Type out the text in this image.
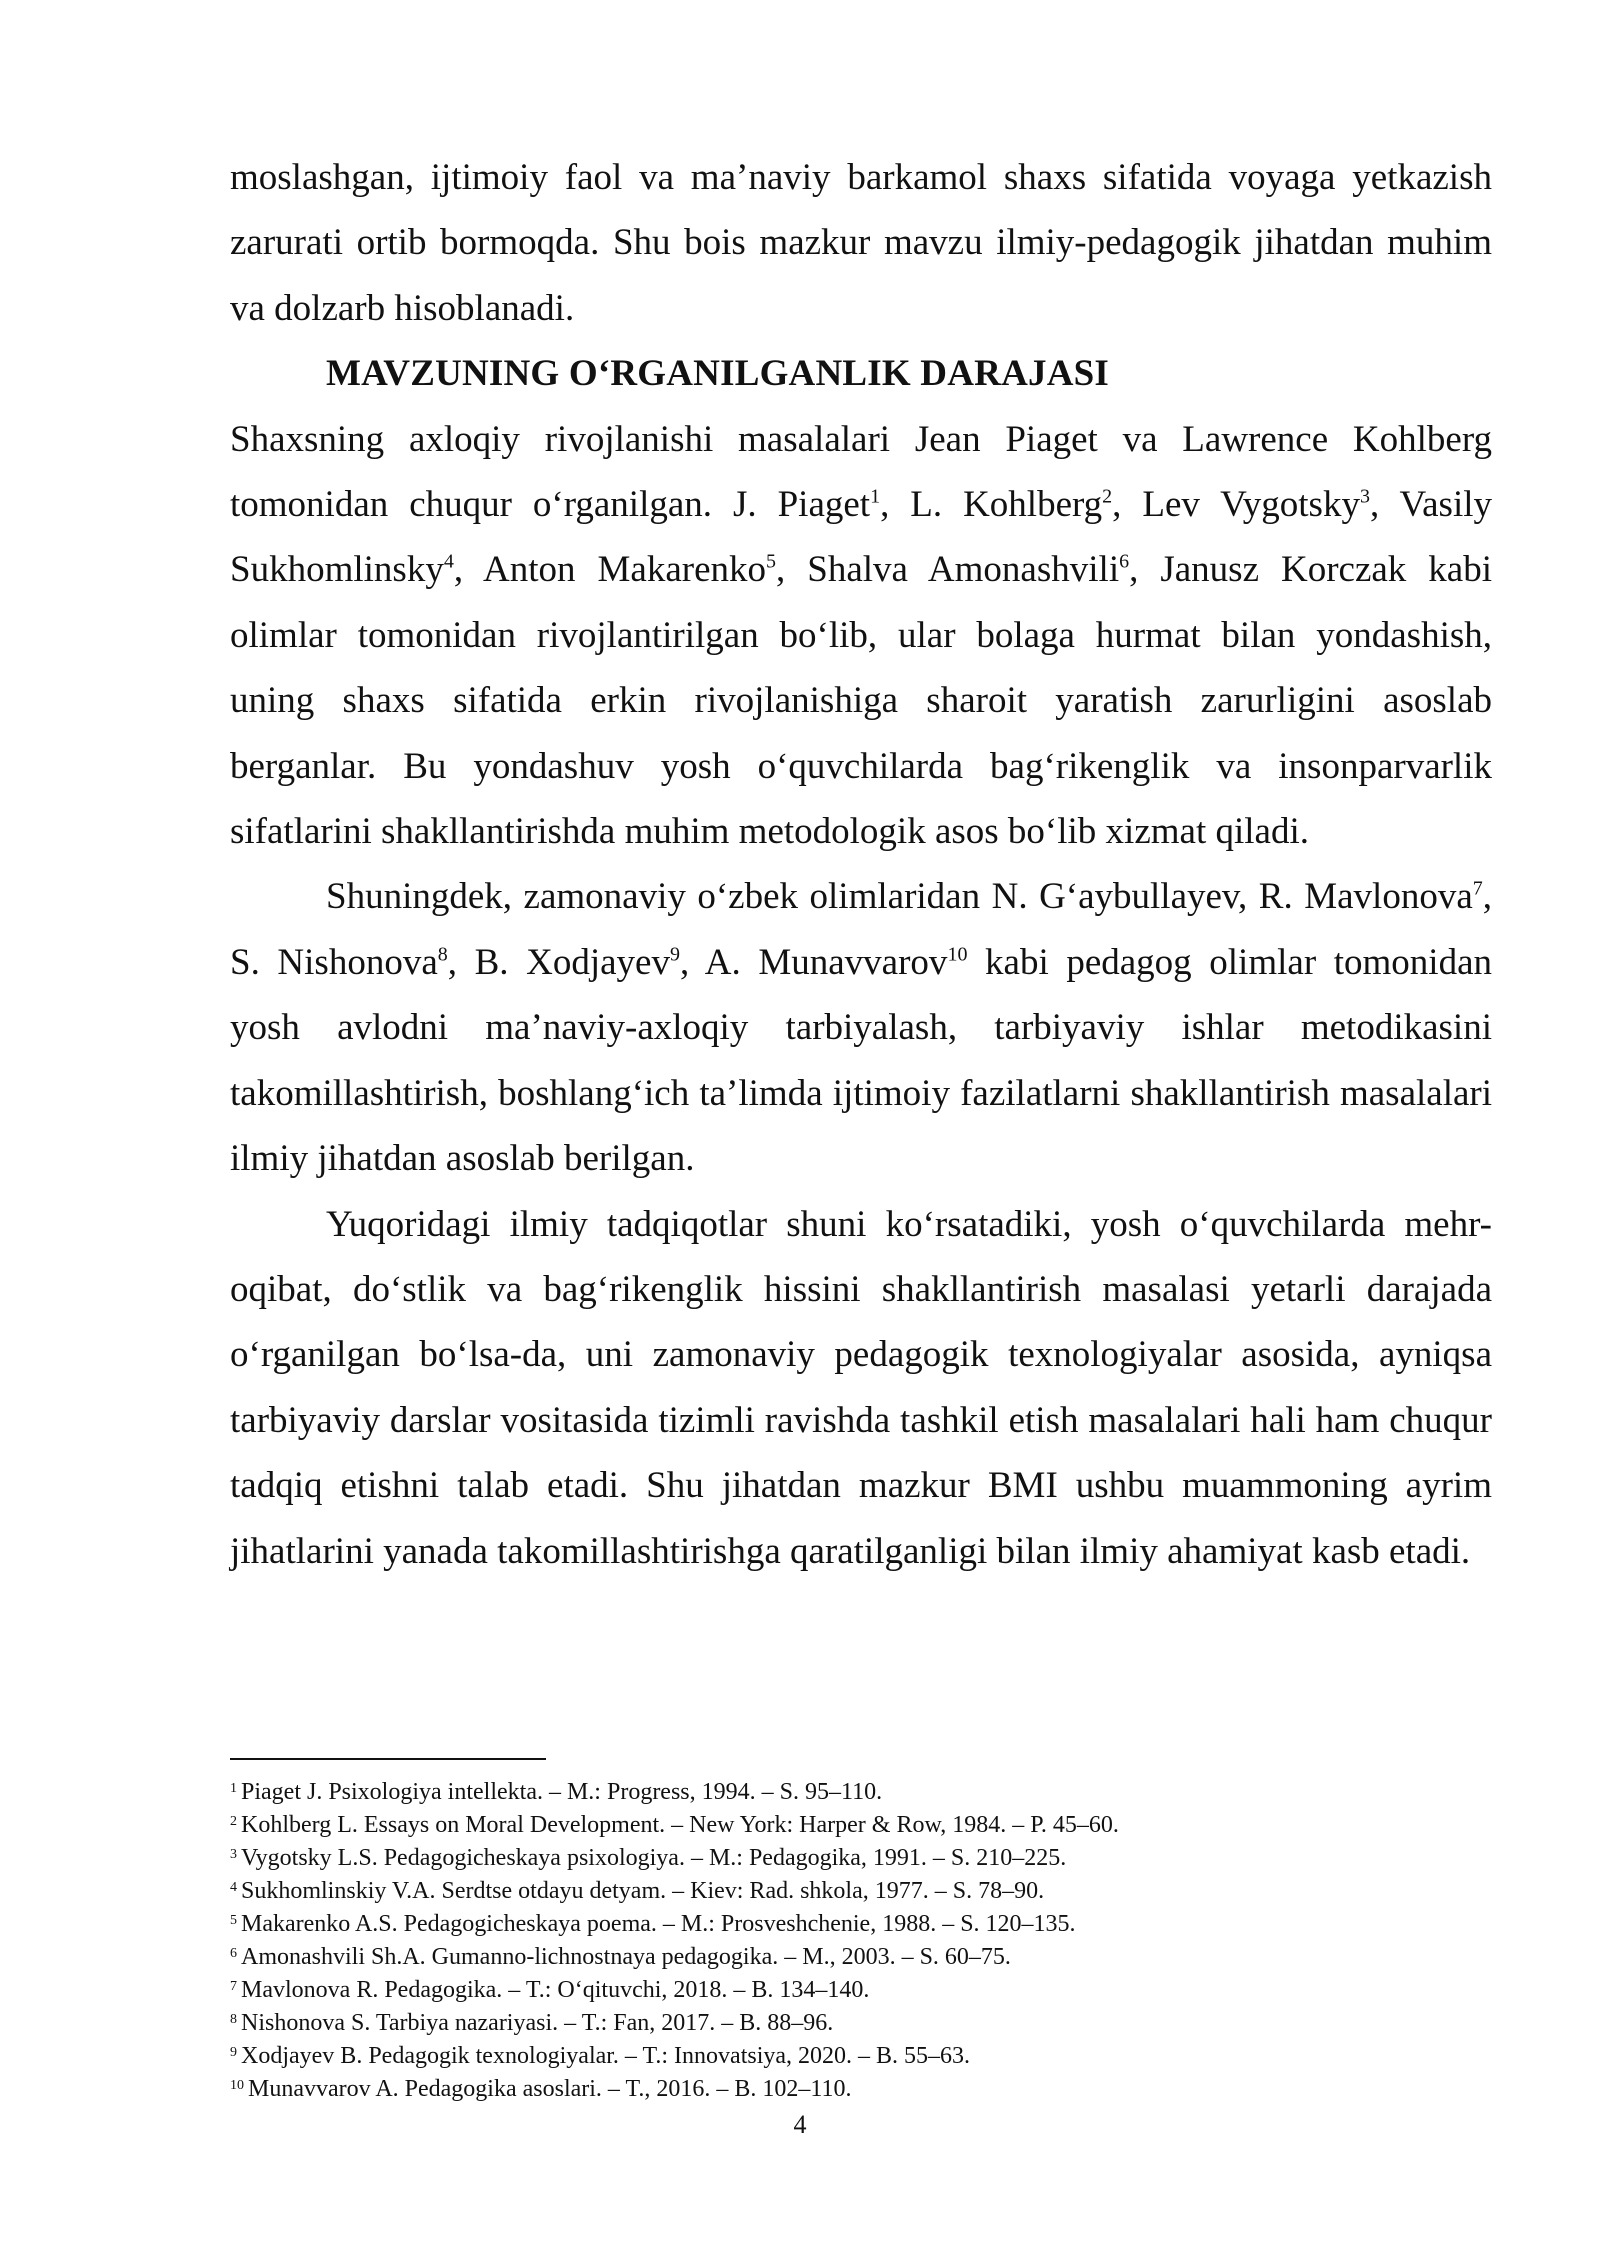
moslashgan, ijtimoiy faol va ma’naviy barkamol shaxs sifatida voyaga yetkazish zarurati ortib bormoqda. Shu bois mazkur mavzu ilmiy-pedagogik jihatdan muhim va dolzarb hisoblanadi.

MAVZUNING O‘RGANILGANLIK DARAJASI

Shaxsning axloqiy rivojlanishi masalalari Jean Piaget va Lawrence Kohlberg tomonidan chuqur o‘rganilgan. J. Piaget$^1$, L. Kohlberg$^2$, Lev Vygotsky$^3$, Vasily Sukhomlinsky$^4$, Anton Makarenko$^5$, Shalva Amonashvili$^6$, Janusz Korczak kabi olimlar tomonidan rivojlantirilgan bo‘lib, ular bolaga hurmat bilan yondashish, uning shaxs sifatida erkin rivojlanishiga sharoit yaratish zarurligini asoslab berganlar. Bu yondashuv yosh o‘quvchilarda bag‘rikenglik va insonparvarlik sifatlarini shakllantirishda muhim metodologik asos bo‘lib xizmat qiladi.

Shuningdek, zamonaviy o‘zbek olimlaridan N. G‘aybullayev, R. Mavlonova$^7$, S. Nishonova$^8$, B. Xodjayev$^9$, A. Munavvarov$^{10}$ kabi pedagog olimlar tomonidan yosh avlodni ma’naviy-axloqiy tarbiyalash, tarbiyaviy ishlar metodikasini takomillashtirish, boshlang‘ich ta’limda ijtimoiy fazilatlarni shakllantirish masalalari ilmiy jihatdan asoslab berilgan.

Yuqoridagi ilmiy tadqiqotlar shuni ko‘rsatadiki, yosh o‘quvchilarda mehr-oqibat, do‘stlik va bag‘rikenglik hissini shakllantirish masalasi yetarli darajada o‘rganilgan bo‘lsa-da, uni zamonaviy pedagogik texnologiyalar asosida, ayniqsa tarbiyaviy darslar vositasida tizimli ravishda tashkil etish masalalari hali ham chuqur tadqiq etishni talab etadi. Shu jihatdan mazkur BMI ushbu muammoning ayrim jihatlarini yanada takomillashtirishga qaratilganligi bilan ilmiy ahamiyat kasb etadi.

$^1$ Piaget J. Psixologiya intellekta. – M.: Progress, 1994. – S. 95–110.

$^2$ Kohlberg L. Essays on Moral Development. – New York: Harper & Row, 1984. – P. 45–60.

$^3$ Vygotsky L.S. Pedagogicheskaya psixologiya. – M.: Pedagogika, 1991. – S. 210–225.

$^4$ Sukhomlinskiy V.A. Serdtse otdayu detyam. – Kiev: Rad. shkola, 1977. – S. 78–90.

$^5$ Makarenko A.S. Pedagogicheskaya poema. – M.: Prosveshchenie, 1988. – S. 120–135.

$^6$ Amonashvili Sh.A. Gumanno-lichnostnaya pedagogika. – M., 2003. – S. 60–75.

$^7$ Mavlonova R. Pedagogika. – T.: O‘qituvchi, 2018. – B. 134–140.

$^8$ Nishonova S. Tarbiya nazariyasi. – T.: Fan, 2017. – B. 88–96.

$^9$ Xodjayev B. Pedagogik texnologiyalar. – T.: Innovatsiya, 2020. – B. 55–63.

$^{10}$ Munavvarov A. Pedagogika asoslari. – T., 2016. – B. 102–110.

4
